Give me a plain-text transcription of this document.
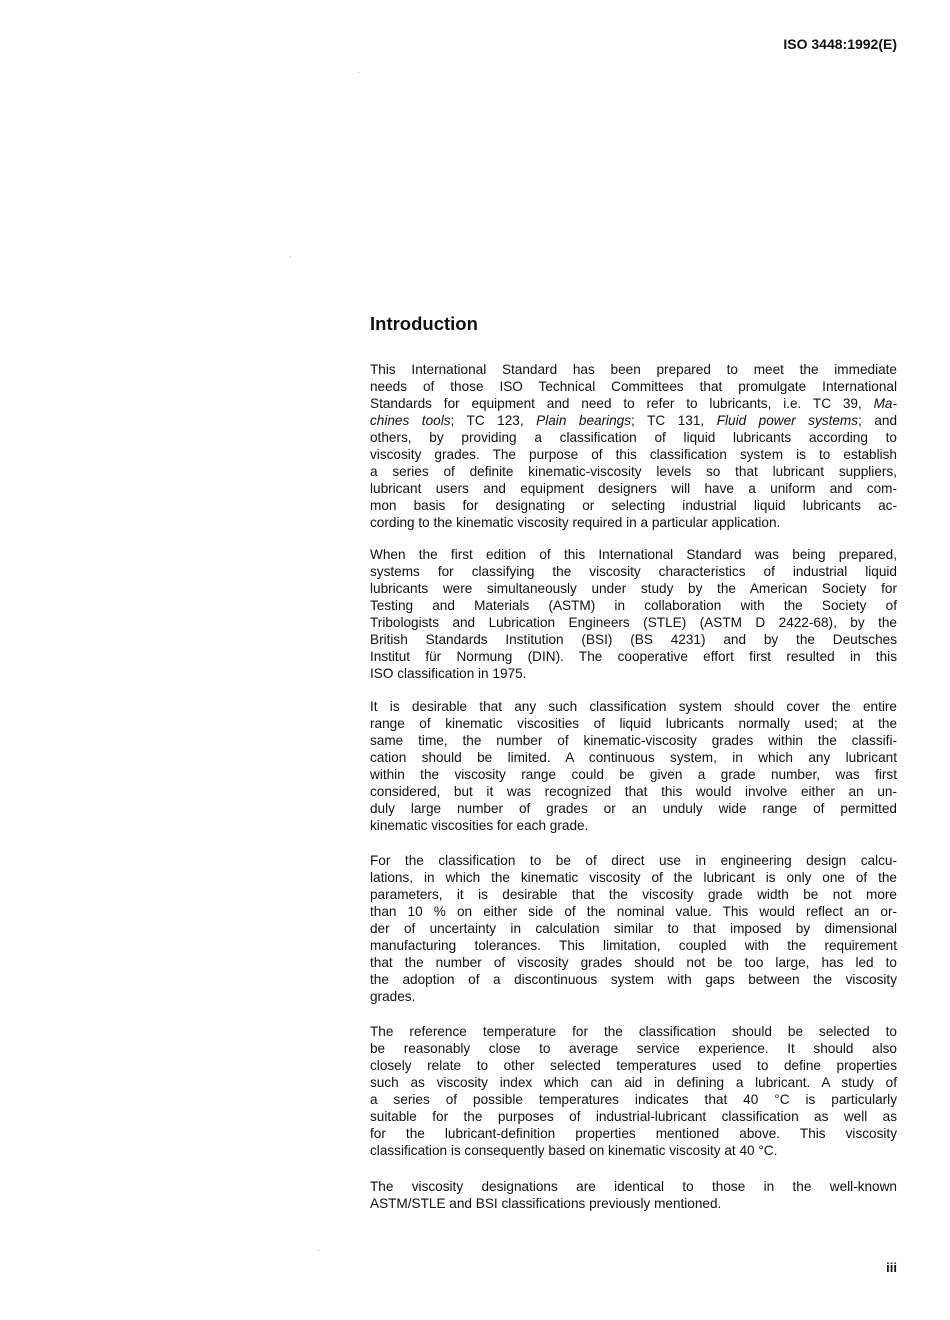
ISO 3448:1992(E)
Introduction
This International Standard has been prepared to meet the immediate
needs of those ISO Technical Committees that promulgate International
Standards for equipment and need to refer to lubricants, i.e. TC 39, Ma-
chines tools; TC 123, Plain bearings; TC 131, Fluid power systems; and
others, by providing a classification of liquid lubricants according to
viscosity grades. The purpose of this classification system is to establish
a series of definite kinematic-viscosity levels so that lubricant suppliers,
lubricant users and equipment designers will have a uniform and com-
mon basis for designating or selecting industrial liquid lubricants ac-
cording to the kinematic viscosity required in a particular application.
When the first edition of this International Standard was being prepared,
systems for classifying the viscosity characteristics of industrial liquid
lubricants were simultaneously under study by the American Society for
Testing and Materials (ASTM) in collaboration with the Society of
Tribologists and Lubrication Engineers (STLE) (ASTM D 2422-68), by the
British Standards Institution (BSI) (BS 4231) and by the Deutsches
Institut für Normung (DIN). The cooperative effort first resulted in this
ISO classification in 1975.
It is desirable that any such classification system should cover the entire
range of kinematic viscosities of liquid lubricants normally used; at the
same time, the number of kinematic-viscosity grades within the classifi-
cation should be limited. A continuous system, in which any lubricant
within the viscosity range could be given a grade number, was first
considered, but it was recognized that this would involve either an un-
duly large number of grades or an unduly wide range of permitted
kinematic viscosities for each grade.
For the classification to be of direct use in engineering design calcu-
lations, in which the kinematic viscosity of the lubricant is only one of the
parameters, it is desirable that the viscosity grade width be not more
than 10 % on either side of the nominal value. This would reflect an or-
der of uncertainty in calculation similar to that imposed by dimensional
manufacturing tolerances. This limitation, coupled with the requirement
that the number of viscosity grades should not be too large, has led to
the adoption of a discontinuous system with gaps between the viscosity
grades.
The reference temperature for the classification should be selected to
be reasonably close to average service experience. It should also
closely relate to other selected temperatures used to define properties
such as viscosity index which can aid in defining a lubricant. A study of
a series of possible temperatures indicates that 40 °C is particularly
suitable for the purposes of industrial-lubricant classification as well as
for the lubricant-definition properties mentioned above. This viscosity
classification is consequently based on kinematic viscosity at 40 °C.
The viscosity designations are identical to those in the well-known
ASTM/STLE and BSI classifications previously mentioned.
iii
